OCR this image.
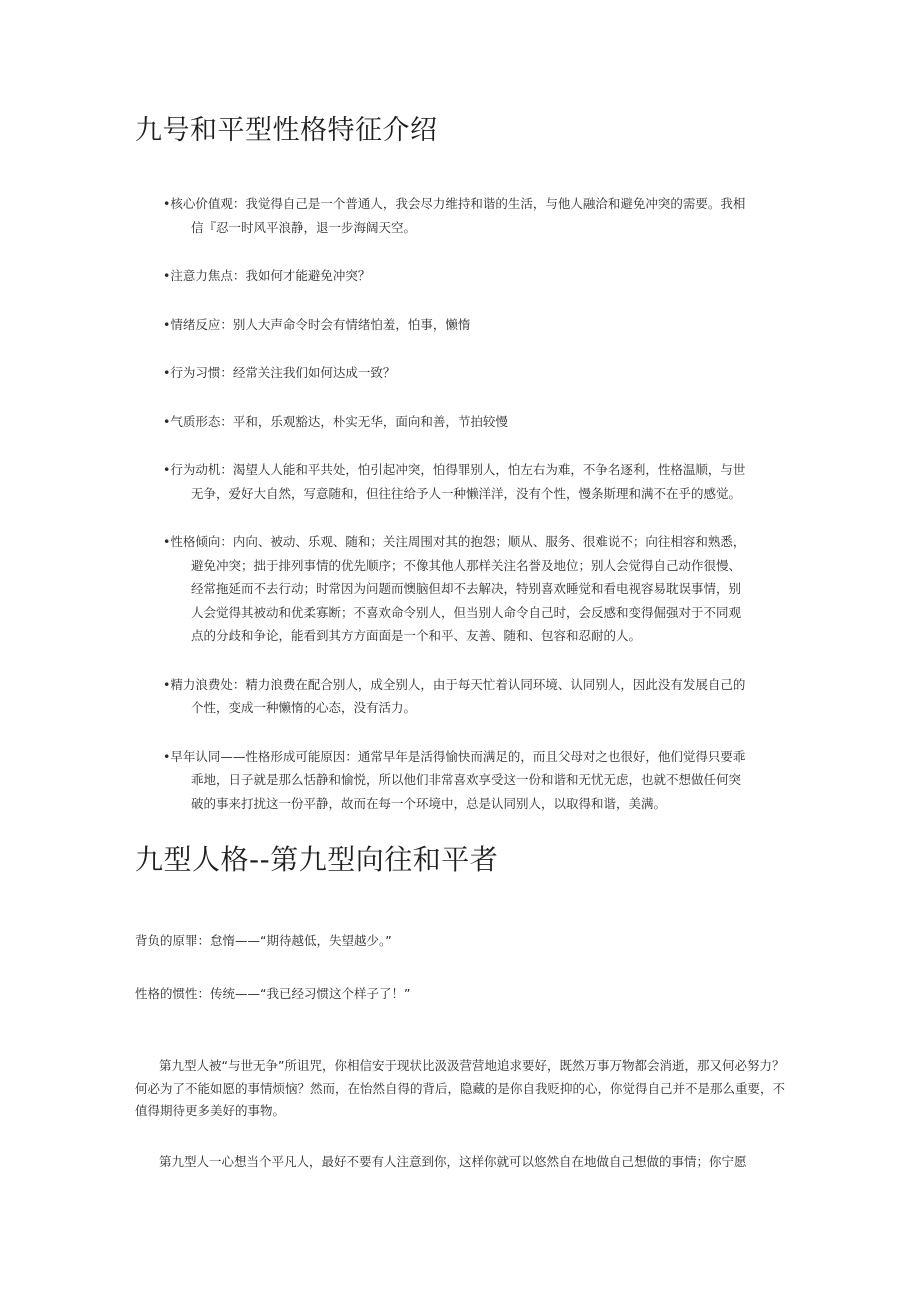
九号和平型性格特征介绍
•核心价值观：我觉得自己是一个普通人，我会尽力维持和谐的生活，与他人融洽和避免冲突的需要。我相
信『忍一时风平浪静，退一步海阔天空。
•注意力焦点：我如何才能避免冲突？
•情绪反应：别人大声命令时会有情绪怕羞，怕事，懒惰
•行为习惯：经常关注我们如何达成一致？
•气质形态：平和，乐观豁达，朴实无华，面向和善，节拍较慢
•行为动机：渴望人人能和平共处，怕引起冲突，怕得罪别人，怕左右为难，不争名逐利，性格温顺，与世
无争，爱好大自然，写意随和，但往往给予人一种懒洋洋，没有个性，慢条斯理和满不在乎的感觉。
•性格倾向：内向、被动、乐观、随和；关注周围对其的抱怨；顺从、服务、很难说不；向往相容和熟悉，
避免冲突；拙于排列事情的优先顺序；不像其他人那样关注名誉及地位；别人会觉得自己动作很慢、
经常拖延而不去行动；时常因为问题而懊脑但却不去解决，特别喜欢睡觉和看电视容易耽误事情，别
人会觉得其被动和优柔寡断；不喜欢命令别人，但当别人命令自己时，会反感和变得倔强对于不同观
点的分歧和争论，能看到其方方面面是一个和平、友善、随和、包容和忍耐的人。
•精力浪费处：精力浪费在配合别人，成全别人，由于每天忙着认同环境、认同别人，因此没有发展自己的
个性，变成一种懒惰的心态，没有活力。
•早年认同——性格形成可能原因：通常早年是活得愉快而满足的，而且父母对之也很好，他们觉得只要乖
乖地，日子就是那么恬静和愉悦，所以他们非常喜欢享受这一份和谐和无忧无虑，也就不想做任何突
破的事来打扰这一份平静，故而在每一个环境中，总是认同别人，以取得和谐，美满。
九型人格--第九型向往和平者

背负的原罪：怠惰——“期待越低，失望越少。”

性格的惯性：传统——“我已经习惯这个样子了！”

第九型人被“与世无争”所诅咒，你相信安于现状比汲汲营营地追求要好，既然万事万物都会消逝，那又何必努力？何必为了不能如愿的事情烦恼？然而，在怡然自得的背后，隐藏的是你自我贬抑的心，你觉得自己并不是那么重要，不值得期待更多美好的事物。

第九型人一心想当个平凡人，最好不要有人注意到你，这样你就可以悠然自在地做自己想做的事情；你宁愿
